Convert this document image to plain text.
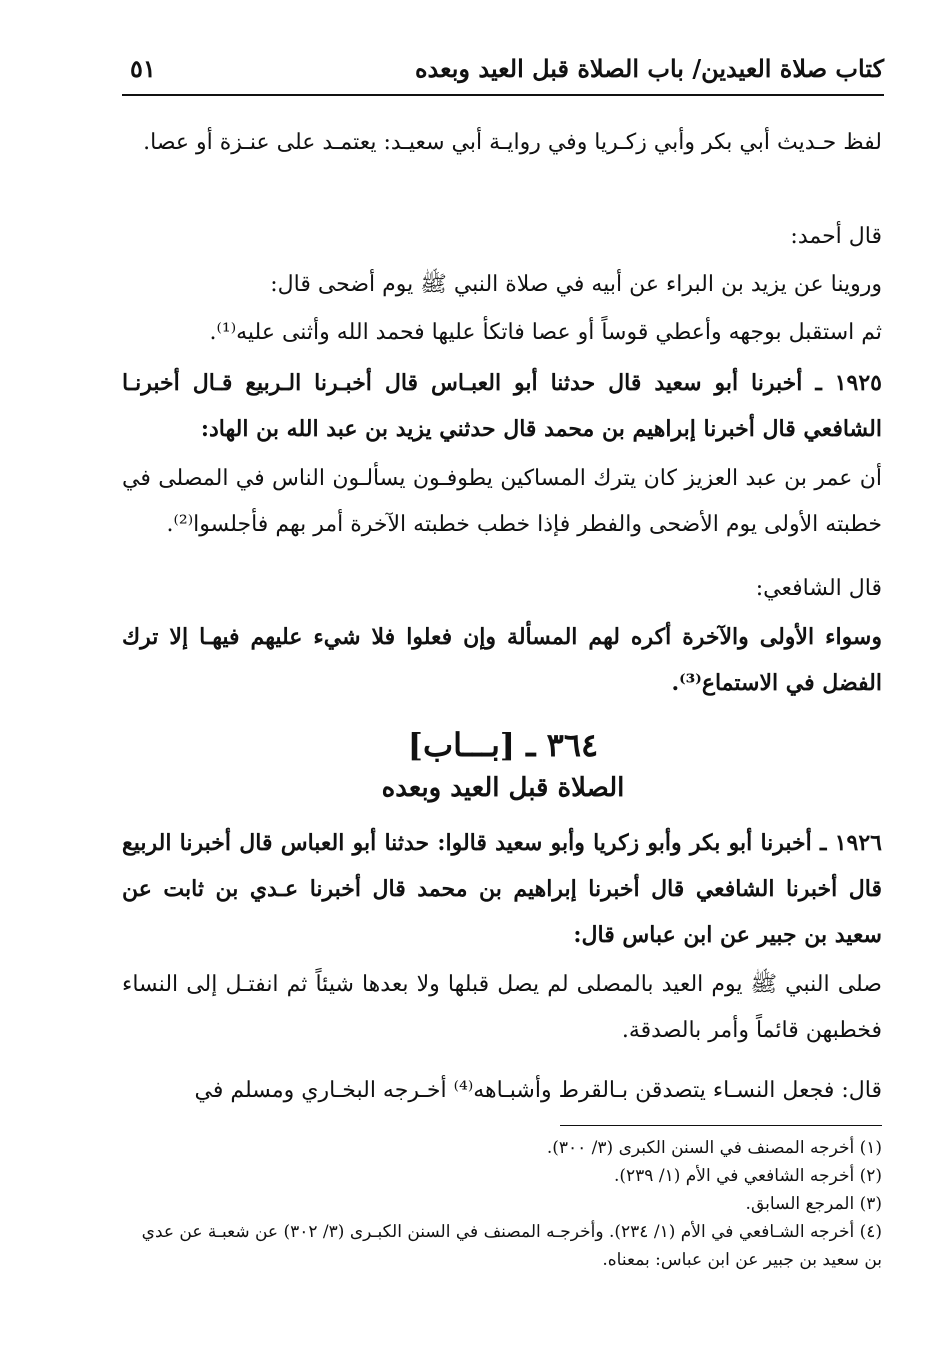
كتاب صلاة العيدين/ باب الصلاة قبل العيد وبعده
٥١
لفظ حـديث أبي بكر وأبي زكـريا وفي روايـة أبي سعيـد: يعتمـد على عنـزة أو عصا.
قال أحمد:
وروينا عن يزيد بن البراء عن أبيه في صلاة النبي ﷺ يوم أضحى قال:
ثم استقبل بوجهه وأعطي قوساً أو عصا فاتكأ عليها فحمد الله وأثنى عليه⁽¹⁾.
١٩٢٥ ـ أخبرنا أبو سعيد قال حدثنا أبو العبـاس قال أخبـرنا الـربيع قـال أخبرنـا الشافعي قال أخبرنا إبراهيم بن محمد قال حدثني يزيد بن عبد الله بن الهاد:
أن عمر بن عبد العزيز كان يترك المساكين يطوفـون يسألـون الناس في المصلى في خطبته الأولى يوم الأضحى والفطر فإذا خطب خطبته الآخرة أمر بهم فأجلسوا⁽²⁾.
قال الشافعي:
وسواء الأولى والآخرة أكره لهم المسألة وإن فعلوا فلا شيء عليهم فيهـا إلا ترك الفضل في الاستماع⁽³⁾.
٣٦٤ ـ [بـــاب]
الصلاة قبل العيد وبعده
١٩٢٦ ـ أخبرنا أبو بكر وأبو زكريا وأبو سعيد قالوا: حدثنا أبو العباس قال أخبرنا الربيع قال أخبرنا الشافعي قال أخبرنا إبراهيم بن محمد قال أخبرنا عـدي بن ثابت عن سعيد بن جبير عن ابن عباس قال:
صلى النبي ﷺ يوم العيد بالمصلى لم يصل قبلها ولا بعدها شيئاً ثم انفتـل إلى النساء فخطبهن قائماً وأمر بالصدقة.
قال: فجعل النسـاء يتصدقن بـالقرط وأشبـاهه⁽⁴⁾ أخـرجه البخـاري ومسلم في
(١) أخرجه المصنف في السنن الكبرى (٣/ ٣٠٠).
(٢) أخرجه الشافعي في الأم (١/ ٢٣٩).
(٣) المرجع السابق.
(٤) أخرجه الشـافعي في الأم (١/ ٢٣٤). وأخرجـه المصنف في السنن الكبـرى (٣/ ٣٠٢) عن شعبـة عن عدي بن سعيد بن جبير عن ابن عباس: بمعناه.
